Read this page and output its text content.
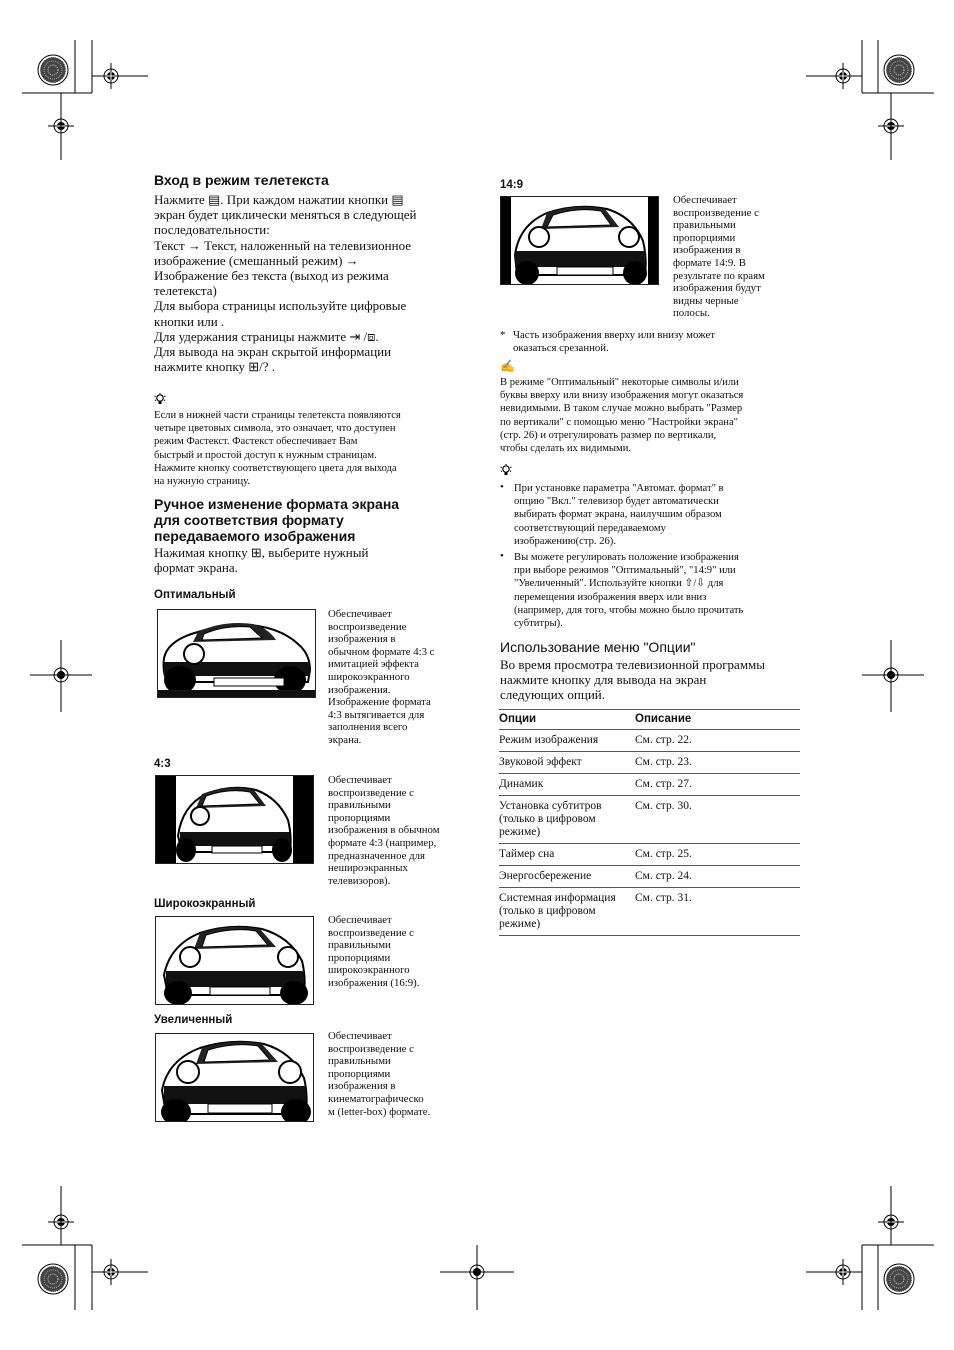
Вход в режим телетекста
Нажмите ▤. При каждом нажатии кнопки ▤
экран будет циклически меняться в следующей
последовательности:
Текст → Текст, наложенный на телевизионное
изображение (смешанный режим) →
Изображение без текста (выход из режима
телетекста)
Для выбора страницы используйте цифровые
кнопки или .
Для удержания страницы нажмите ⇥ /⧈.
Для вывода на экран скрытой информации
нажмите кнопку ⊞/? .
Если в нижней части страницы телетекста появляются
четыре цветовых символа, это означает, что доступен
режим Фастекст. Фастекст обеспечивает Вам
быстрый и простой доступ к нужным страницам.
Нажмите кнопку соответствующего цвета для выхода
на нужную страницу.
Ручное изменение формата экрана
для соответствия формату
передаваемого изображения
Нажимая кнопку ⊞, выберите нужный
формат экрана.
Оптимальный
Обеспечивает
воспроизведение
изображения в
обычном формате 4:3 с
имитацией эффекта
широкоэкранного
изображения.
Изображение формата
4:3 вытягивается для
заполнения всего
экрана.
4:3
Обеспечивает
воспроизведение с
правильными
пропорциями
изображения в обычном
формате 4:3 (например,
предназначенное для
нешироэкранных
телевизоров).
Широкоэкранный
Обеспечивает
воспроизведение с
правильными
пропорциями
широкоэкранного
изображения (16:9).
Увеличенный
Обеспечивает
воспроизведение с
правильными
пропорциями
изображения в
кинематографическо
м (letter-box) формате.
14:9
Обеспечивает
воспроизведение с
правильными
пропорциями
изображения в
формате 14:9. В
результате по краям
изображения будут
видны черные
полосы.
* Часть изображения вверху или внизу может
оказаться срезанной.
✍
В режиме "Оптимальный" некоторые символы и/или
буквы вверху или внизу изображения могут оказаться
невидимыми. В таком случае можно выбрать "Размер
по вертикали" с помощью меню "Настройки экрана"
(стр. 26) и отрегулировать размер по вертикали,
чтобы сделать их видимыми.
• При установке параметра "Автомат. формат" в
опцию "Вкл." телевизор будет автоматически
выбирать формат экрана, наилучшим образом
соответствующий передаваемому
изображению(стр. 26).
• Вы можете регулировать положение изображения
при выборе режимов "Оптимальный", "14:9" или
"Увеличенный". Используйте кнопки ⇧/⇩ для
перемещения изображения вверх или вниз
(например, для того, чтобы можно было прочитать
субтитры).
Использование меню "Опции"
Во время просмотра телевизионной программы
нажмите кнопку для вывода на экран
следующих опций.
Опции	Описание
Режим изображения	См. стр. 22.
Звуковой эффект	См. стр. 23.
Динамик	См. стр. 27.
Установка субтитров (только в цифровом режиме)	См. стр. 30.
Таймер сна	См. стр. 25.
Энергосбережение	См. стр. 24.
Системная информация (только в цифровом режиме)	См. стр. 31.
